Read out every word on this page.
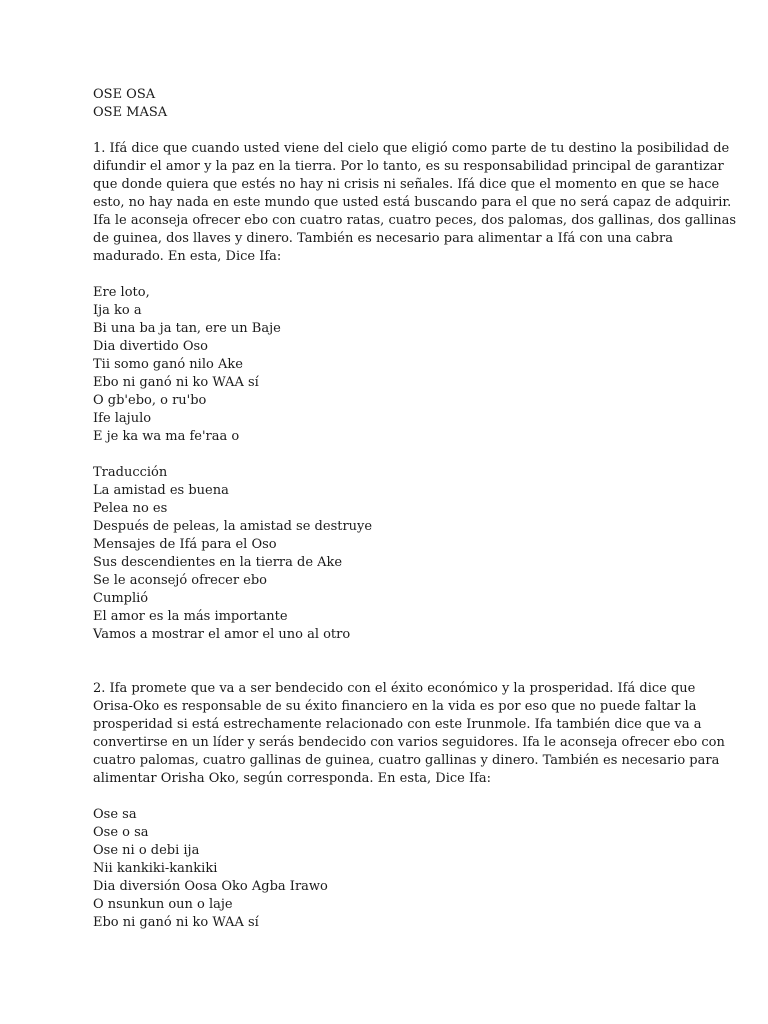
OSE OSA
OSE MASA
1. Ifá dice que cuando usted viene del cielo que eligió como parte de tu destino la posibilidad de
difundir el amor y la paz en la tierra. Por lo tanto, es su responsabilidad principal de garantizar
que donde quiera que estés no hay ni crisis ni señales. Ifá dice que el momento en que se hace
esto, no hay nada en este mundo que usted está buscando para el que no será capaz de adquirir.
Ifa le aconseja ofrecer ebo con cuatro ratas, cuatro peces, dos palomas, dos gallinas, dos gallinas
de guinea, dos llaves y dinero. También es necesario para alimentar a Ifá con una cabra
madurado. En esta, Dice Ifa:
Ere loto,
Ija ko a
Bi una ba ja tan, ere un Baje
Dia divertido Oso
Tii somo ganó nilo Ake
Ebo ni ganó ni ko WAA sí
O gb'ebo, o ru'bo
Ife lajulo
E je ka wa ma fe'raa o
Traducción
La amistad es buena
Pelea no es
Después de peleas, la amistad se destruye
Mensajes de Ifá para el Oso
Sus descendientes en la tierra de Ake
Se le aconsejó ofrecer ebo
Cumplió
El amor es la más importante
Vamos a mostrar el amor el uno al otro
2. Ifa promete que va a ser bendecido con el éxito económico y la prosperidad. Ifá dice que
Orisa-Oko es responsable de su éxito financiero en la vida es por eso que no puede faltar la
prosperidad si está estrechamente relacionado con este Irunmole. Ifa también dice que va a
convertirse en un líder y serás bendecido con varios seguidores. Ifa le aconseja ofrecer ebo con
cuatro palomas, cuatro gallinas de guinea, cuatro gallinas y dinero. También es necesario para
alimentar Orisha Oko, según corresponda. En esta, Dice Ifa:
Ose sa
Ose o sa
Ose ni o debi ija
Nii kankiki-kankiki
Dia diversión Oosa Oko Agba Irawo
O nsunkun oun o laje
Ebo ni ganó ni ko WAA sí
